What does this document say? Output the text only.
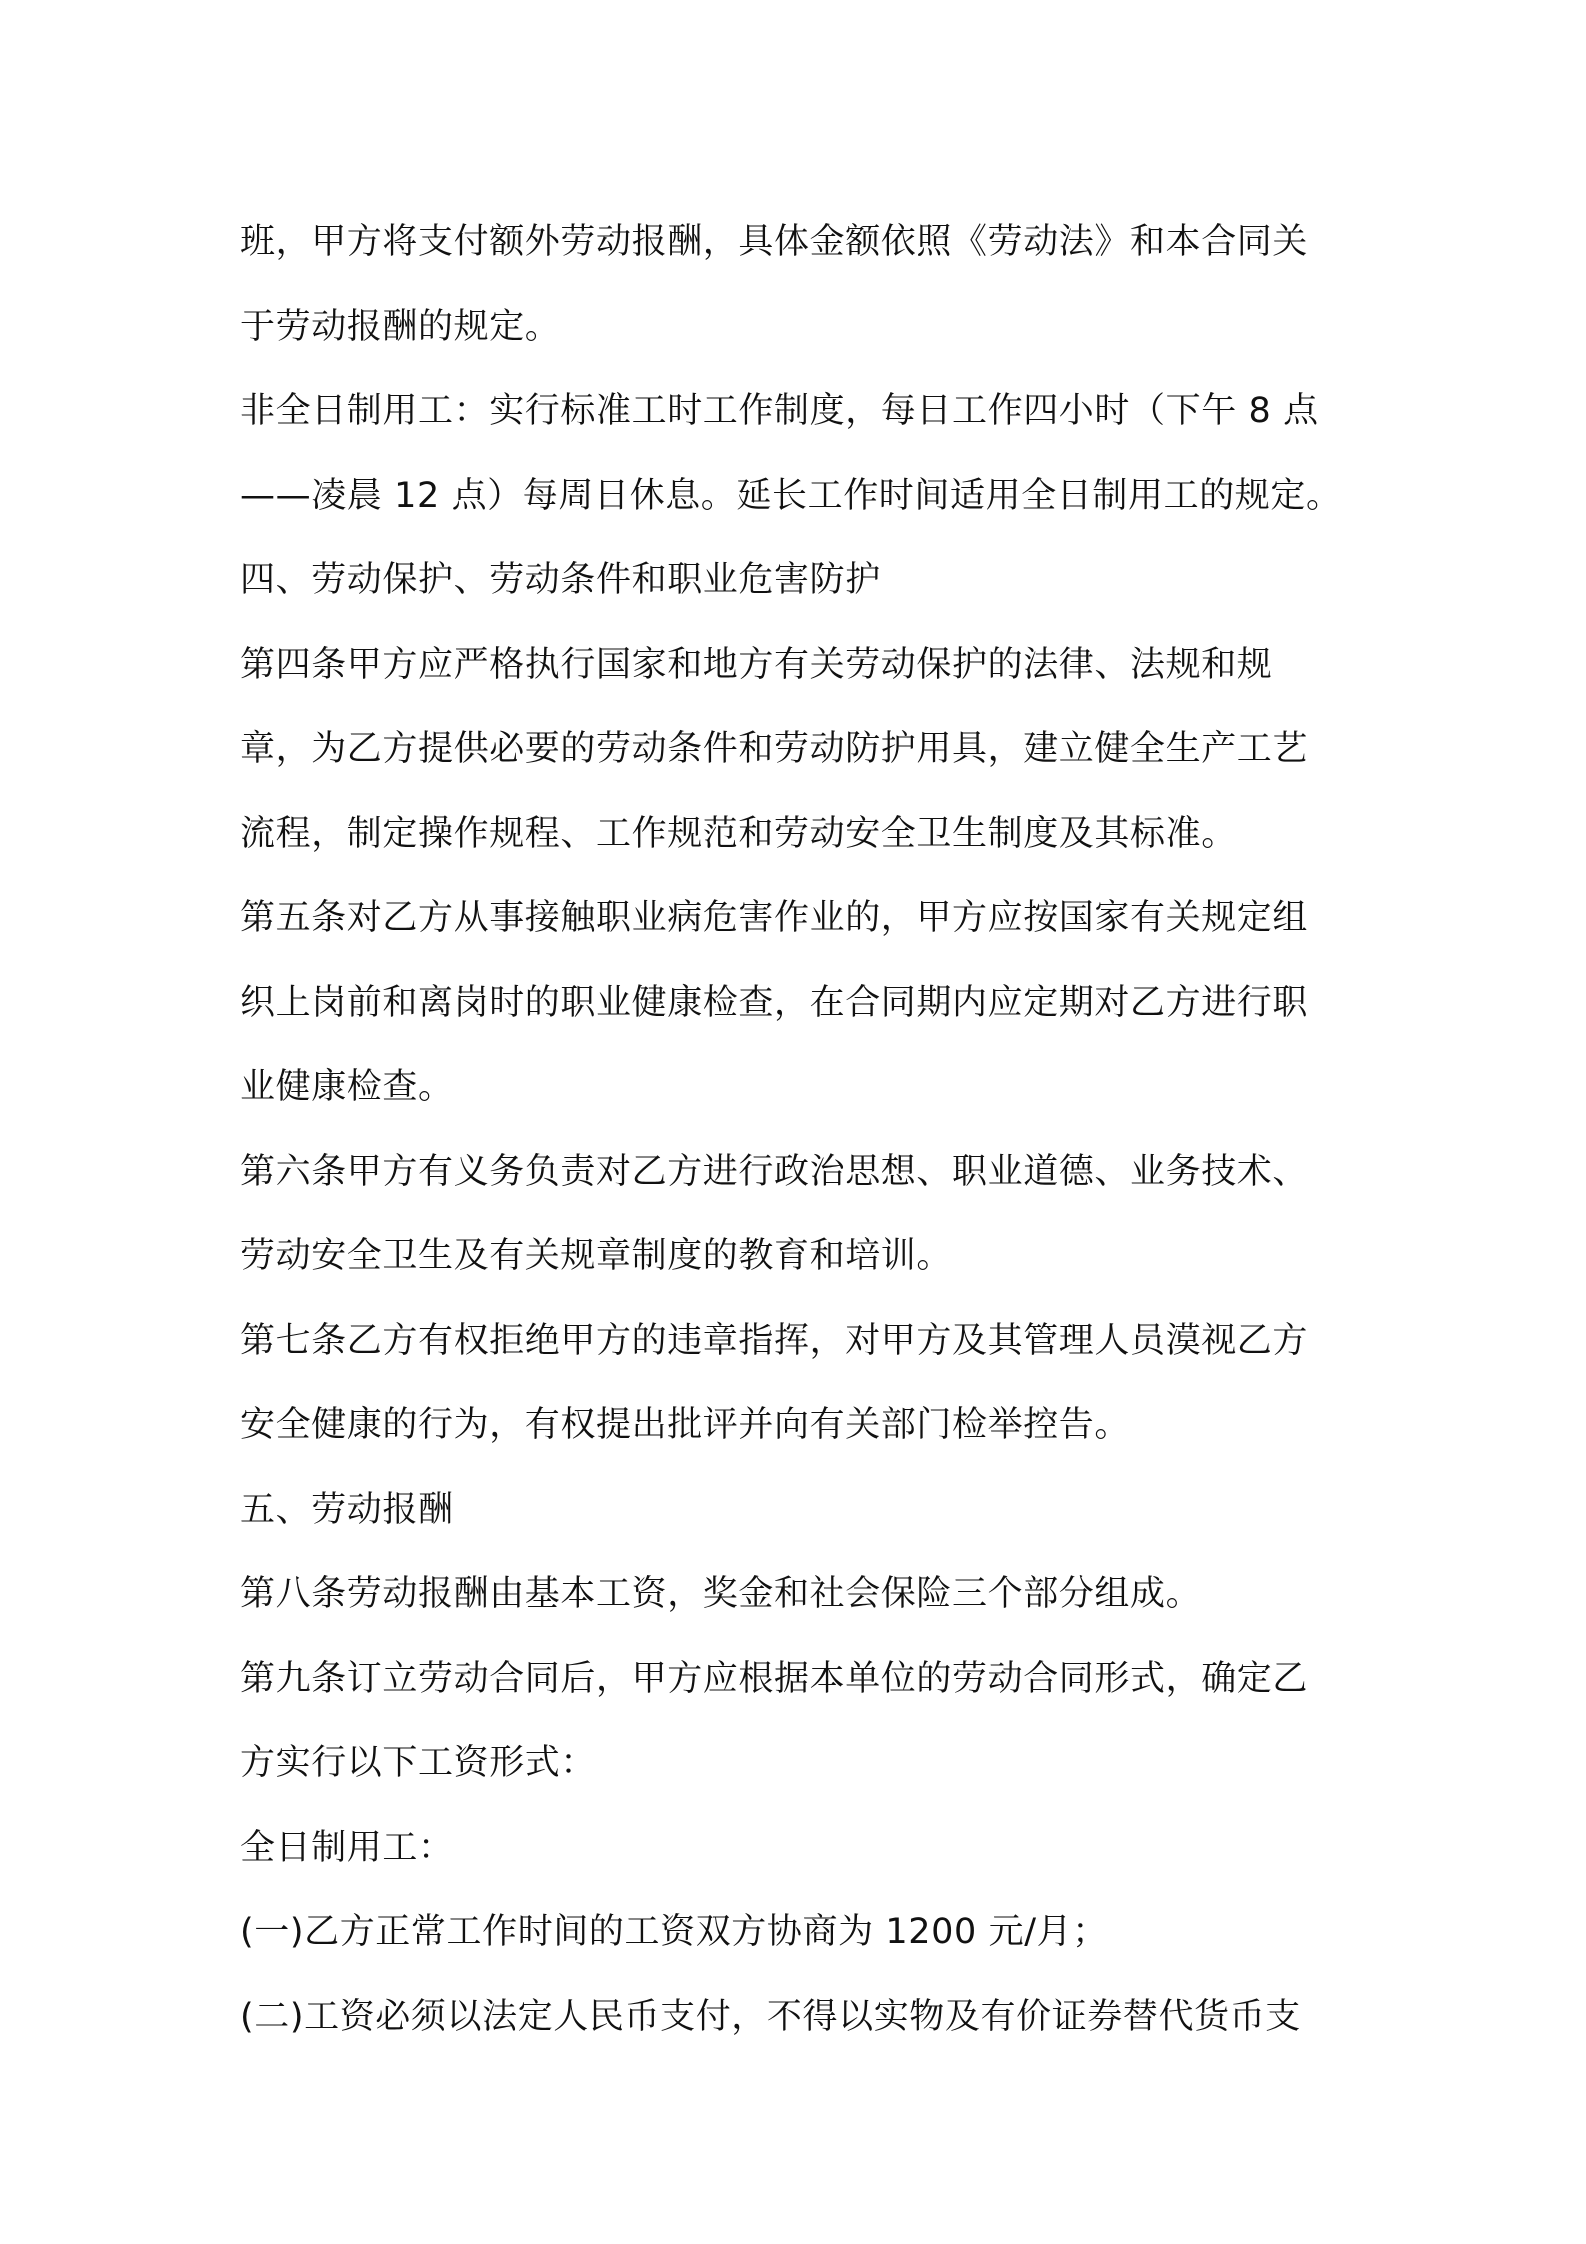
班，甲方将支付额外劳动报酬，具体金额依照《劳动法》和本合同关
于劳动报酬的规定。
非全日制用工：实行标准工时工作制度，每日工作四小时（下午 8 点
——凌晨 12 点）每周日休息。延长工作时间适用全日制用工的规定。
四、劳动保护、劳动条件和职业危害防护
第四条甲方应严格执行国家和地方有关劳动保护的法律、法规和规
章，为乙方提供必要的劳动条件和劳动防护用具，建立健全生产工艺
流程，制定操作规程、工作规范和劳动安全卫生制度及其标准。
第五条对乙方从事接触职业病危害作业的，甲方应按国家有关规定组
织上岗前和离岗时的职业健康检查，在合同期内应定期对乙方进行职
业健康检查。
第六条甲方有义务负责对乙方进行政治思想、职业道德、业务技术、
劳动安全卫生及有关规章制度的教育和培训。
第七条乙方有权拒绝甲方的违章指挥，对甲方及其管理人员漠视乙方
安全健康的行为，有权提出批评并向有关部门检举控告。
五、劳动报酬
第八条劳动报酬由基本工资，奖金和社会保险三个部分组成。
第九条订立劳动合同后，甲方应根据本单位的劳动合同形式，确定乙
方实行以下工资形式：
全日制用工：
(一)乙方正常工作时间的工资双方协商为 1200 元/月；
(二)工资必须以法定人民币支付，不得以实物及有价证券替代货币支
